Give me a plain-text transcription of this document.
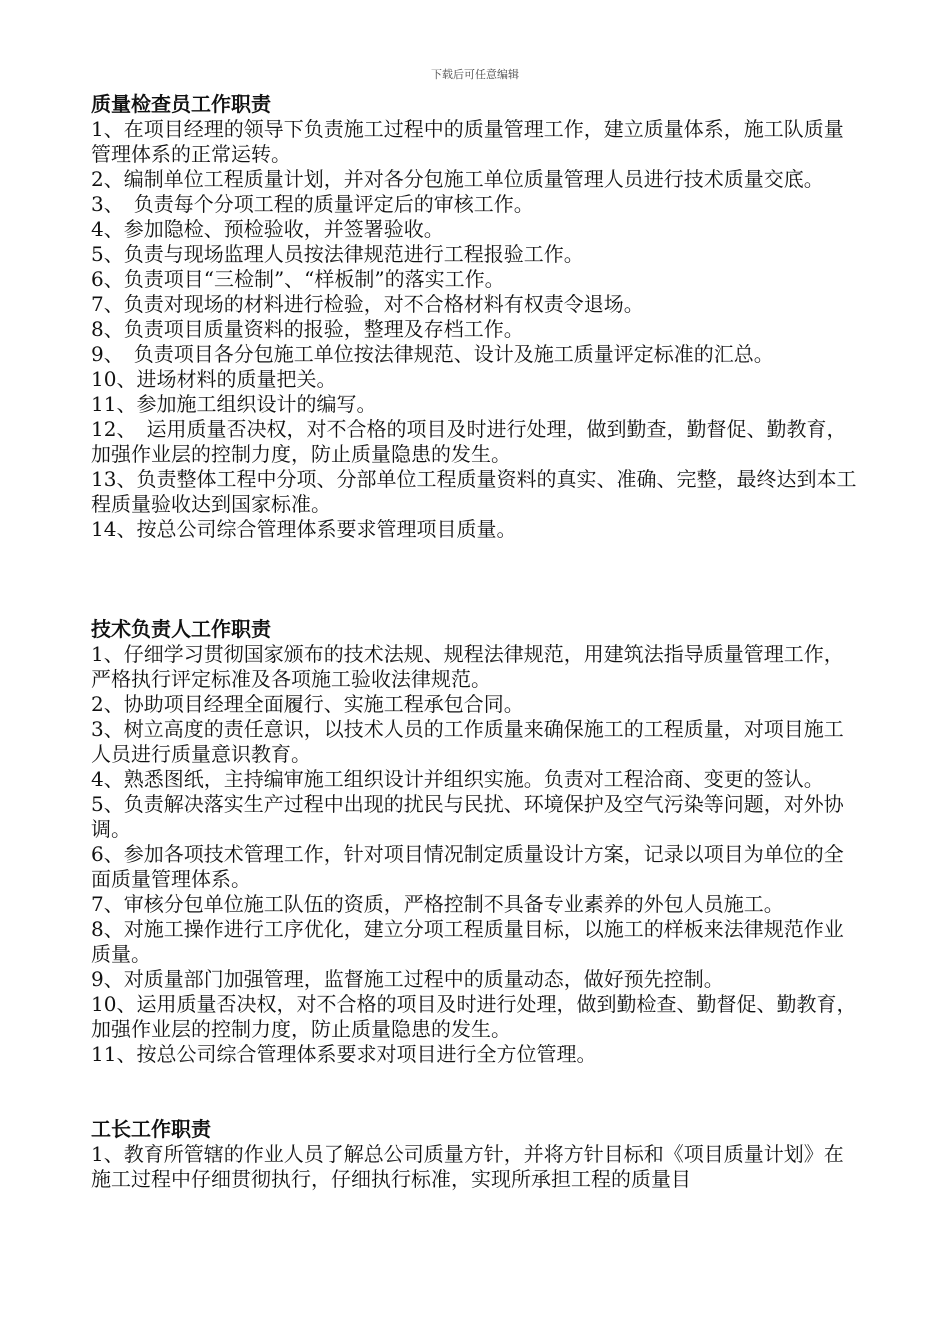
下载后可任意编辑
质量检查员工作职责

1、在项目经理的领导下负责施工过程中的质量管理工作，建立质量体系，施工队质量管理体系的正常运转。

2、编制单位工程质量计划，并对各分包施工单位质量管理人员进行技术质量交底。

3、　负责每个分项工程的质量评定后的审核工作。

4、参加隐检、预检验收，并签署验收。

5、负责与现场监理人员按法律规范进行工程报验工作。

6、负责项目“三检制”、“样板制”的落实工作。

7、负责对现场的材料进行检验，对不合格材料有权责令退场。

8、负责项目质量资料的报验，整理及存档工作。

9、　负责项目各分包施工单位按法律规范、设计及施工质量评定标准的汇总。

10、进场材料的质量把关。

11、参加施工组织设计的编写。

12、　运用质量否决权，对不合格的项目及时进行处理，做到勤查，勤督促、勤教育，加强作业层的控制力度，防止质量隐患的发生。

13、负责整体工程中分项、分部单位工程质量资料的真实、准确、完整，最终达到本工程质量验收达到国家标准。

14、按总公司综合管理体系要求管理项目质量。

技术负责人工作职责

1、仔细学习贯彻国家颁布的技术法规、规程法律规范，用建筑法指导质量管理工作，严格执行评定标准及各项施工验收法律规范。

2、协助项目经理全面履行、实施工程承包合同。

3、树立高度的责任意识，以技术人员的工作质量来确保施工的工程质量，对项目施工人员进行质量意识教育。

4、熟悉图纸，主持编审施工组织设计并组织实施。负责对工程洽商、变更的签认。

5、负责解决落实生产过程中出现的扰民与民扰、环境保护及空气污染等问题，对外协调。

6、参加各项技术管理工作，针对项目情况制定质量设计方案，记录以项目为单位的全面质量管理体系。

7、审核分包单位施工队伍的资质，严格控制不具备专业素养的外包人员施工。

8、对施工操作进行工序优化，建立分项工程质量目标，以施工的样板来法律规范作业质量。

9、对质量部门加强管理，监督施工过程中的质量动态，做好预先控制。

10、运用质量否决权，对不合格的项目及时进行处理，做到勤检查、勤督促、勤教育，加强作业层的控制力度，防止质量隐患的发生。

11、按总公司综合管理体系要求对项目进行全方位管理。

工长工作职责

1、教育所管辖的作业人员了解总公司质量方针，并将方针目标和《项目质量计划》在施工过程中仔细贯彻执行，仔细执行标准，实现所承担工程的质量目
